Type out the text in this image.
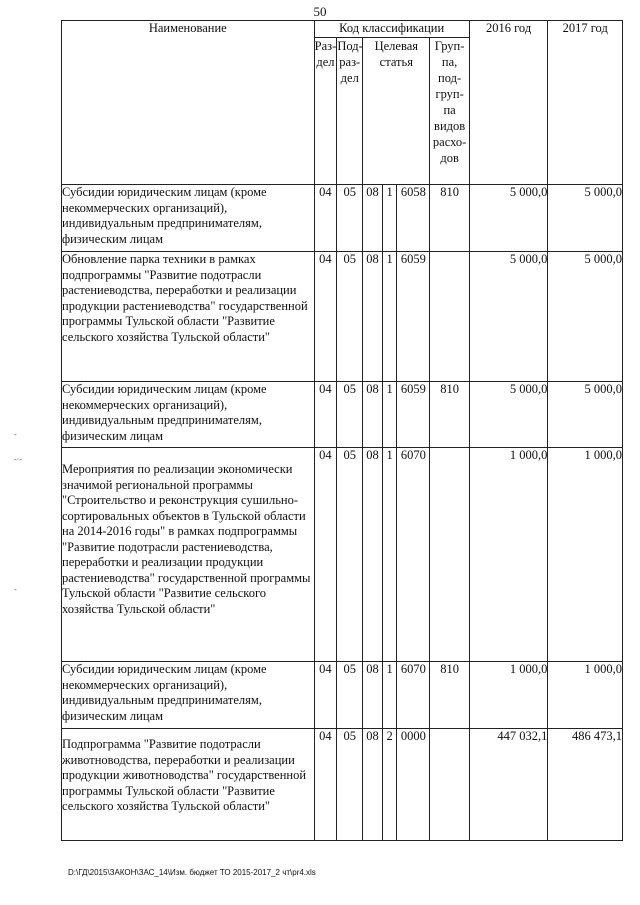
50
Наименование	Код классификации						2016 год	2017 год
	Раз-дел	Под-раз-дел	Целевая статья			Груп-па, под-груп-па видов расхо-дов		
Субсидии юридическим лицам (кроме некоммерческих организаций), индивидуальным предпринимателям, физическим лицам	04	05	08	1	6058	810	5 000,0	5 000,0
Обновление парка техники в рамках подпрограммы "Развитие подотрасли растениеводства, переработки и реализации продукции растениеводства" государственной программы Тульской области "Развитие сельского хозяйства Тульской области"	04	05	08	1	6059		5 000,0	5 000,0
Субсидии юридическим лицам (кроме некоммерческих организаций), индивидуальным предпринимателям, физическим лицам	04	05	08	1	6059	810	5 000,0	5 000,0
Мероприятия по реализации экономически значимой региональной программы "Строительство и реконструкция сушильно-сортировальных объектов в Тульской области на 2014-2016 годы" в рамках подпрограммы "Развитие подотрасли растениеводства, переработки и реализации продукции растениеводства" государственной программы Тульской области "Развитие сельского хозяйства Тульской области"	04	05	08	1	6070		1 000,0	1 000,0
Субсидии юридическим лицам (кроме некоммерческих организаций), индивидуальным предпринимателям, физическим лицам	04	05	08	1	6070	810	1 000,0	1 000,0
Подпрограмма "Развитие подотрасли животноводства, переработки и реализации продукции животноводства" государственной программы Тульской области "Развитие сельского хозяйства Тульской области"	04	05	08	2	0000		447 032,1	486 473,1
-
-·-
-
D:\ГД\2015\ЗАКОН\ЗАС_14\Изм. бюджет ТО 2015-2017_2 чт\pr4.xls
